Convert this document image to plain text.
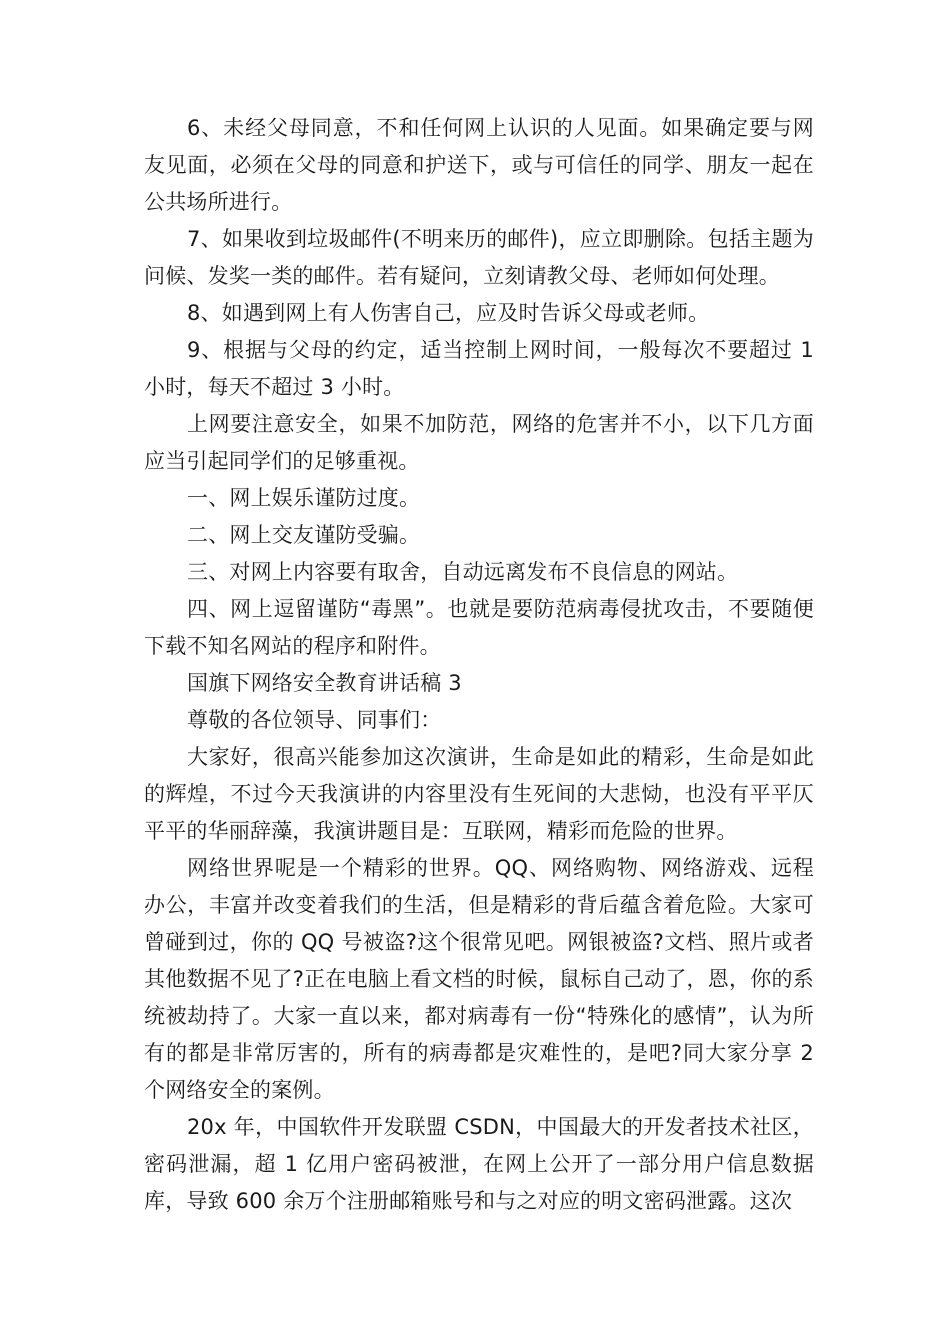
6、未经父母同意，不和任何网上认识的人见面。如果确定要与网友见面，必须在父母的同意和护送下，或与可信任的同学、朋友一起在公共场所进行。

7、如果收到垃圾邮件(不明来历的邮件)，应立即删除。包括主题为问候、发奖一类的邮件。若有疑问，立刻请教父母、老师如何处理。

8、如遇到网上有人伤害自己，应及时告诉父母或老师。

9、根据与父母的约定，适当控制上网时间，一般每次不要超过 1小时，每天不超过 3 小时。

上网要注意安全，如果不加防范，网络的危害并不小，以下几方面应当引起同学们的足够重视。

一、网上娱乐谨防过度。

二、网上交友谨防受骗。

三、对网上内容要有取舍，自动远离发布不良信息的网站。

四、网上逗留谨防“毒黑”。也就是要防范病毒侵扰攻击，不要随便下载不知名网站的程序和附件。

国旗下网络安全教育讲话稿 3

尊敬的各位领导、同事们：

大家好，很高兴能参加这次演讲，生命是如此的精彩，生命是如此的辉煌，不过今天我演讲的内容里没有生死间的大悲恸，也没有平平仄平平的华丽辞藻，我演讲题目是：互联网，精彩而危险的世界。

网络世界呢是一个精彩的世界。QQ、网络购物、网络游戏、远程办公，丰富并改变着我们的生活，但是精彩的背后蕴含着危险。大家可曾碰到过，你的 QQ 号被盗?这个很常见吧。网银被盗?文档、照片或者其他数据不见了?正在电脑上看文档的时候，鼠标自己动了，恩，你的系统被劫持了。大家一直以来，都对病毒有一份“特殊化的感情”，认为所有的都是非常厉害的，所有的病毒都是灾难性的，是吧?同大家分享 2 个网络安全的案例。

20x 年，中国软件开发联盟 CSDN，中国最大的开发者技术社区，密码泄漏，超 1 亿用户密码被泄，在网上公开了一部分用户信息数据库，导致 600 余万个注册邮箱账号和与之对应的明文密码泄露。这次
